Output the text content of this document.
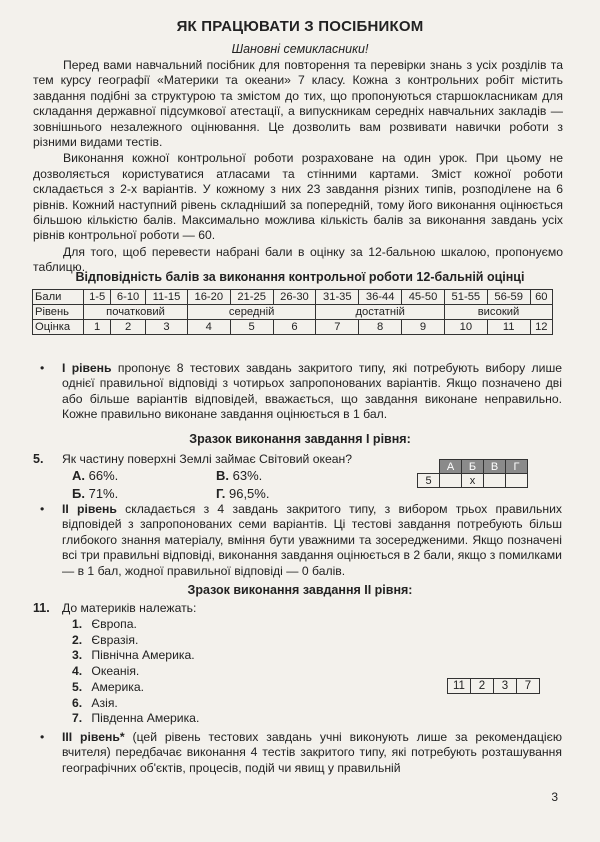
ЯК ПРАЦЮВАТИ З ПОСІБНИКОМ
Шановні семикласники!

Перед вами навчальний посібник для повторення та перевірки знань з усіх розділів та тем курсу географії «Материки та океани» 7 класу. Кожна з контрольних робіт містить завдання подібні за структурою та змістом до тих, що пропонуються старшокласникам для складання державної підсумкової атестації, а випускникам середніх навчальних закладів — зовнішнього незалежного оцінювання. Це дозволить вам розвивати навички роботи з різними видами тестів.

Виконання кожної контрольної роботи розраховане на один урок. При цьому не дозволяється користуватися атласами та стінними картами. Зміст кожної роботи складається з 2-х варіантів. У кожному з них 23 завдання різних типів, розподілене на 6 рівнів. Кожний наступний рівень складніший за попередній, тому його виконання оцінюється більшою кількістю балів. Максимально можлива кількість балів за виконання завдань усіх рівнів контрольної роботи — 60.

Для того, щоб перевести набрані бали в оцінку за 12-бальною шкалою, пропонуємо таблицю.

Відповідність балів за виконання контрольної роботи 12-бальній оцінці
Бали	1-5	6-10	11-15	16-20	21-25	26-30	31-35	36-44	45-50	51-55	56-59	60
Рівень	початковий			середній			достатній			високий		
Оцінка	1	2	3	4	5	6	7	8	9	10	11	12
• І рівень пропонує 8 тестових завдань закритого типу, які потребують вибору лише однієї правильної відповіді з чотирьох запропонованих варіантів. Якщо позначено дві або більше варіантів відповідей, вважається, що завдання виконане неправильно. Кожне правильно виконане завдання оцінюється в 1 бал.
Зразок виконання завдання І рівня:
5. Як частину поверхні Землі займає Світовий океан?
А. 66%.	В. 63%.
Б. 71%.	Г. 96,5%.
	А	Б	В	Г
5		х		
• ІІ рівень складається з 4 завдань закритого типу, з вибором трьох правильних відповідей з запропонованих семи варіантів. Ці тестові завдання потребують більш глибокого знання матеріалу, вміння бути уважними та зосередженими. Якщо позначені всі три правильні відповіді, виконання завдання оцінюється в 2 бали, якщо з помилками — в 1 бал, жодної правильної відповіді — 0 балів.
Зразок виконання завдання ІІ рівня:
11. До материків належать:
1. Європа.
2. Євразія.
3. Північна Америка.
4. Океанія.
5. Америка.
6. Азія.
7. Південна Америка.
11	2	3	7
• ІІІ рівень* (цей рівень тестових завдань учні виконують лише за рекомендацією вчителя) передбачає виконання 4 тестів закритого типу, які потребують розташування географічних об'єктів, процесів, подій чи явищ у правильній
3
